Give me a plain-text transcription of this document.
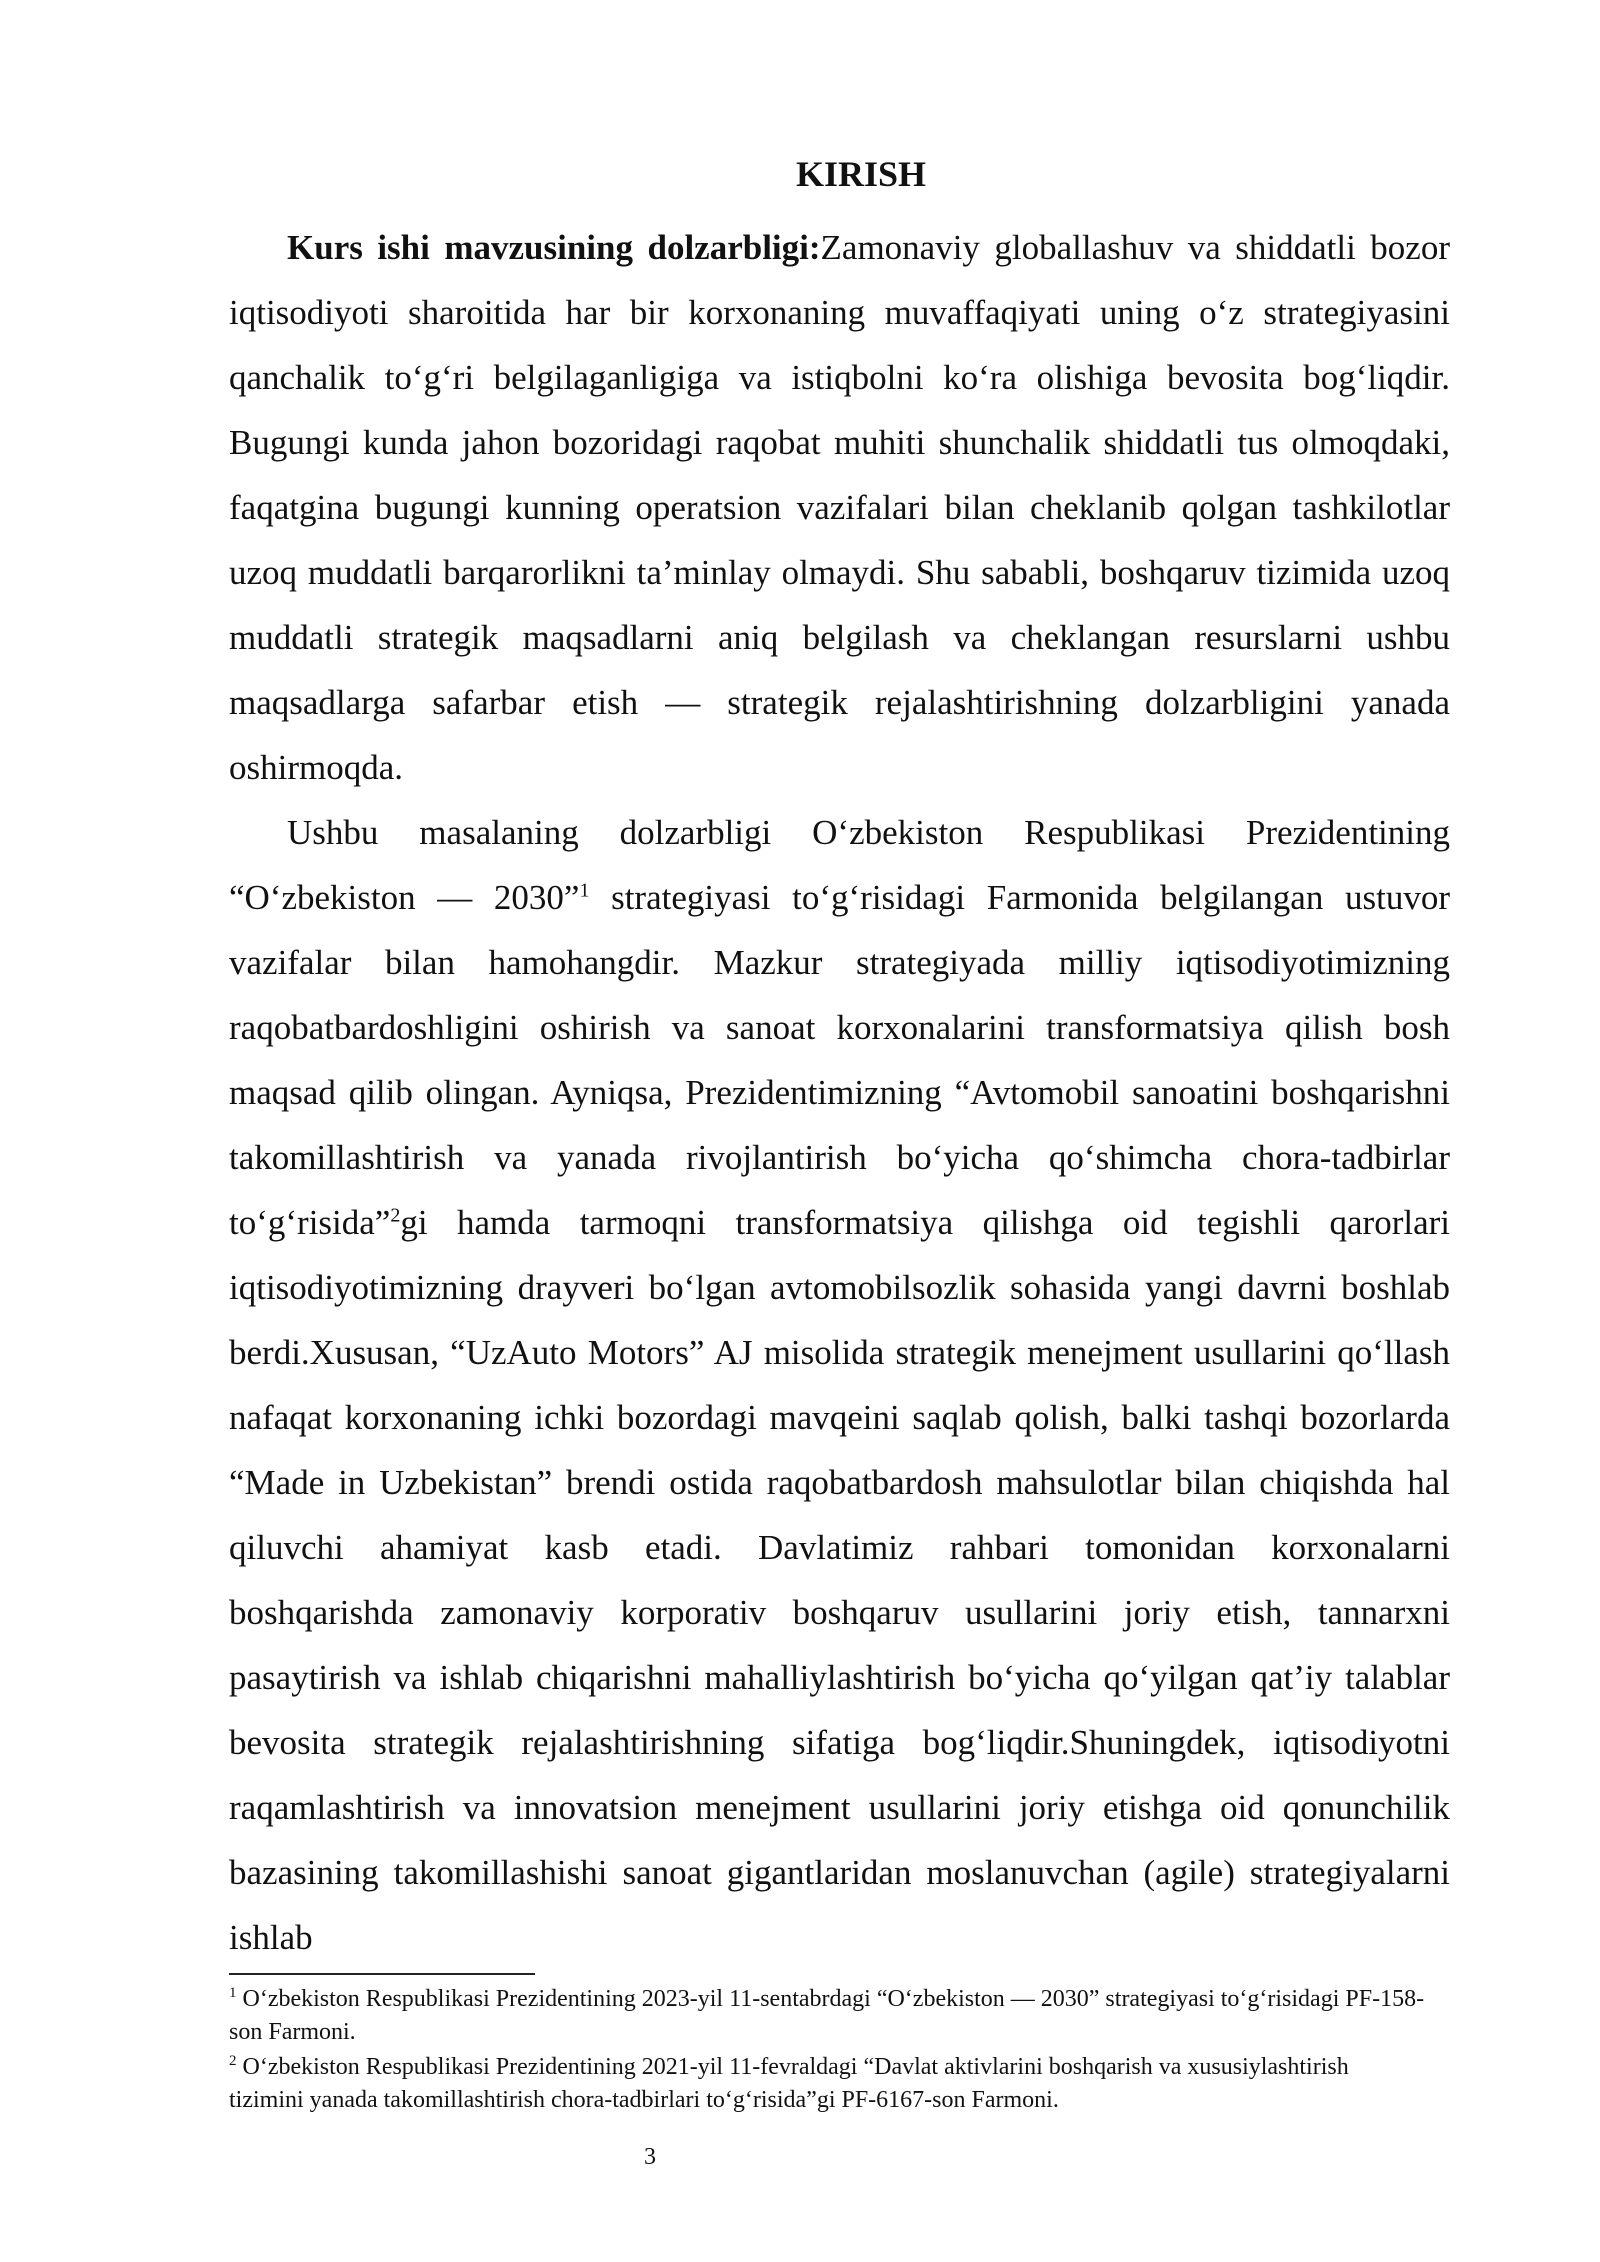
KIRISH

Kurs ishi mavzusining dolzarbligi:Zamonaviy globallashuv va shiddatli bozor iqtisodiyoti sharoitida har bir korxonaning muvaffaqiyati uning o‘z strategiyasini qanchalik to‘g‘ri belgilaganligiga va istiqbolni ko‘ra olishiga bevosita bog‘liqdir. Bugungi kunda jahon bozoridagi raqobat muhiti shunchalik shiddatli tus olmoqdaki, faqatgina bugungi kunning operatsion vazifalari bilan cheklanib qolgan tashkilotlar uzoq muddatli barqarorlikni ta’minlay olmaydi. Shu sababli, boshqaruv tizimida uzoq muddatli strategik maqsadlarni aniq belgilash va cheklangan resurslarni ushbu maqsadlarga safarbar etish — strategik rejalashtirishning dolzarbligini yanada oshirmoqda.

Ushbu masalaning dolzarbligi O‘zbekiston Respublikasi Prezidentining “O‘zbekiston — 2030”$^1$ strategiyasi to‘g‘risidagi Farmonida belgilangan ustuvor vazifalar bilan hamohangdir. Mazkur strategiyada milliy iqtisodiyotimizning raqobatbardoshligini oshirish va sanoat korxonalarini transformatsiya qilish bosh maqsad qilib olingan. Ayniqsa, Prezidentimizning “Avtomobil sanoatini boshqarishni takomillashtirish va yanada rivojlantirish bo‘yicha qo‘shimcha chora-tadbirlar to‘g‘risida”$^2$gi hamda tarmoqni transformatsiya qilishga oid tegishli qarorlari iqtisodiyotimizning drayveri bo‘lgan avtomobilsozlik sohasida yangi davrni boshlab berdi.Xususan, “UzAuto Motors” AJ misolida strategik menejment usullarini qo‘llash nafaqat korxonaning ichki bozordagi mavqeini saqlab qolish, balki tashqi bozorlarda “Made in Uzbekistan” brendi ostida raqobatbardosh mahsulotlar bilan chiqishda hal qiluvchi ahamiyat kasb etadi. Davlatimiz rahbari tomonidan korxonalarni boshqarishda zamonaviy korporativ boshqaruv usullarini joriy etish, tannarxni pasaytirish va ishlab chiqarishni mahalliylashtirish bo‘yicha qo‘yilgan qat’iy talablar bevosita strategik rejalashtirishning sifatiga bog‘liqdir.Shuningdek, iqtisodiyotni raqamlashtirish va innovatsion menejment usullarini joriy etishga oid qonunchilik bazasining takomillashishi sanoat gigantlaridan moslanuvchan (agile) strategiyalarni ishlab

$^1$ O‘zbekiston Respublikasi Prezidentining 2023-yil 11-sentabrdagi “O‘zbekiston — 2030” strategiyasi to‘g‘risidagi PF-158-son Farmoni.

$^2$ O‘zbekiston Respublikasi Prezidentining 2021-yil 11-fevraldagi “Davlat aktivlarini boshqarish va xususiylashtirish tizimini yanada takomillashtirish chora-tadbirlari to‘g‘risida”gi PF-6167-son Farmoni.

3
